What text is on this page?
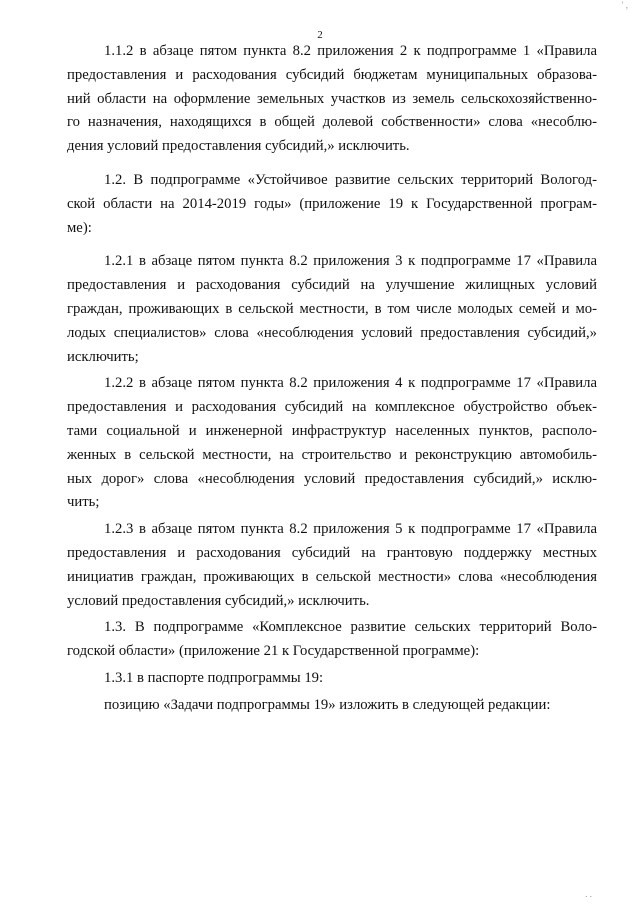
' ,
2

1.1.2 в абзаце пятом пункта 8.2 приложения 2 к подпрограмме 1 «Правила
предоставления и расходования субсидий бюджетам муниципальных образова-
ний области на оформление земельных участков из земель сельскохозяйственно-
го назначения, находящихся в общей долевой собственности» слова «несоблю-
дения условий предоставления субсидий,» исключить.

1.2. В подпрограмме «Устойчивое развитие сельских территорий Вологод-
ской области на 2014-2019 годы» (приложение 19 к Государственной програм-
ме):

1.2.1 в абзаце пятом пункта 8.2 приложения 3 к подпрограмме 17 «Правила
предоставления и расходования субсидий на улучшение жилищных условий
граждан, проживающих в сельской местности, в том числе молодых семей и мо-
лодых специалистов» слова «несоблюдения условий предоставления субсидий,»
исключить;

1.2.2 в абзаце пятом пункта 8.2 приложения 4 к подпрограмме 17 «Правила
предоставления и расходования субсидий на комплексное обустройство объек-
тами социальной и инженерной инфраструктур населенных пунктов, располо-
женных в сельской местности, на строительство и реконструкцию автомобиль-
ных дорог» слова «несоблюдения условий предоставления субсидий,» исклю-
чить;

1.2.3 в абзаце пятом пункта 8.2 приложения 5 к подпрограмме 17 «Правила
предоставления и расходования субсидий на грантовую поддержку местных
инициатив граждан, проживающих в сельской местности» слова «несоблюдения
условий предоставления субсидий,» исключить.

1.3. В подпрограмме «Комплексное развитие сельских территорий Воло-
годской области» (приложение 21 к Государственной программе):

1.3.1 в паспорте подпрограммы 19:

позицию «Задачи подпрограммы 19» изложить в следующей редакции:

. .
